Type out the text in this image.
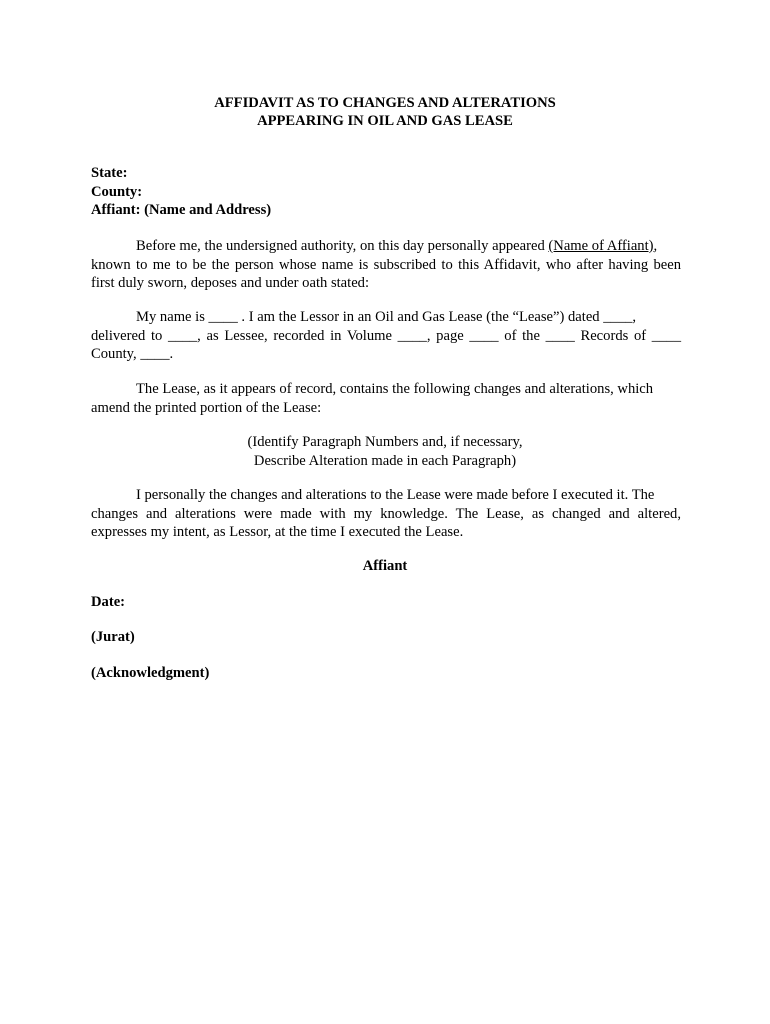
AFFIDAVIT AS TO CHANGES AND ALTERATIONS
APPEARING IN OIL AND GAS LEASE
State:
County:
Affiant: (Name and Address)
Before me, the undersigned authority, on this day personally appeared (Name of Affiant),
known to me to be the person whose name is subscribed to this Affidavit, who after having been
first duly sworn, deposes and under oath stated:
My name is ____ . I am the Lessor in an Oil and Gas Lease (the “Lease”) dated ____,
delivered to ____, as Lessee, recorded in Volume ____, page ____ of the ____ Records of ____
County, ____.
The Lease, as it appears of record, contains the following changes and alterations, which
amend the printed portion of the Lease:
(Identify Paragraph Numbers and, if necessary,
Describe Alteration made in each Paragraph)
I personally the changes and alterations to the Lease were made before I executed it. The
changes and alterations were made with my knowledge. The Lease, as changed and altered,
expresses my intent, as Lessor, at the time I executed the Lease.
Affiant
Date:
(Jurat)
(Acknowledgment)
